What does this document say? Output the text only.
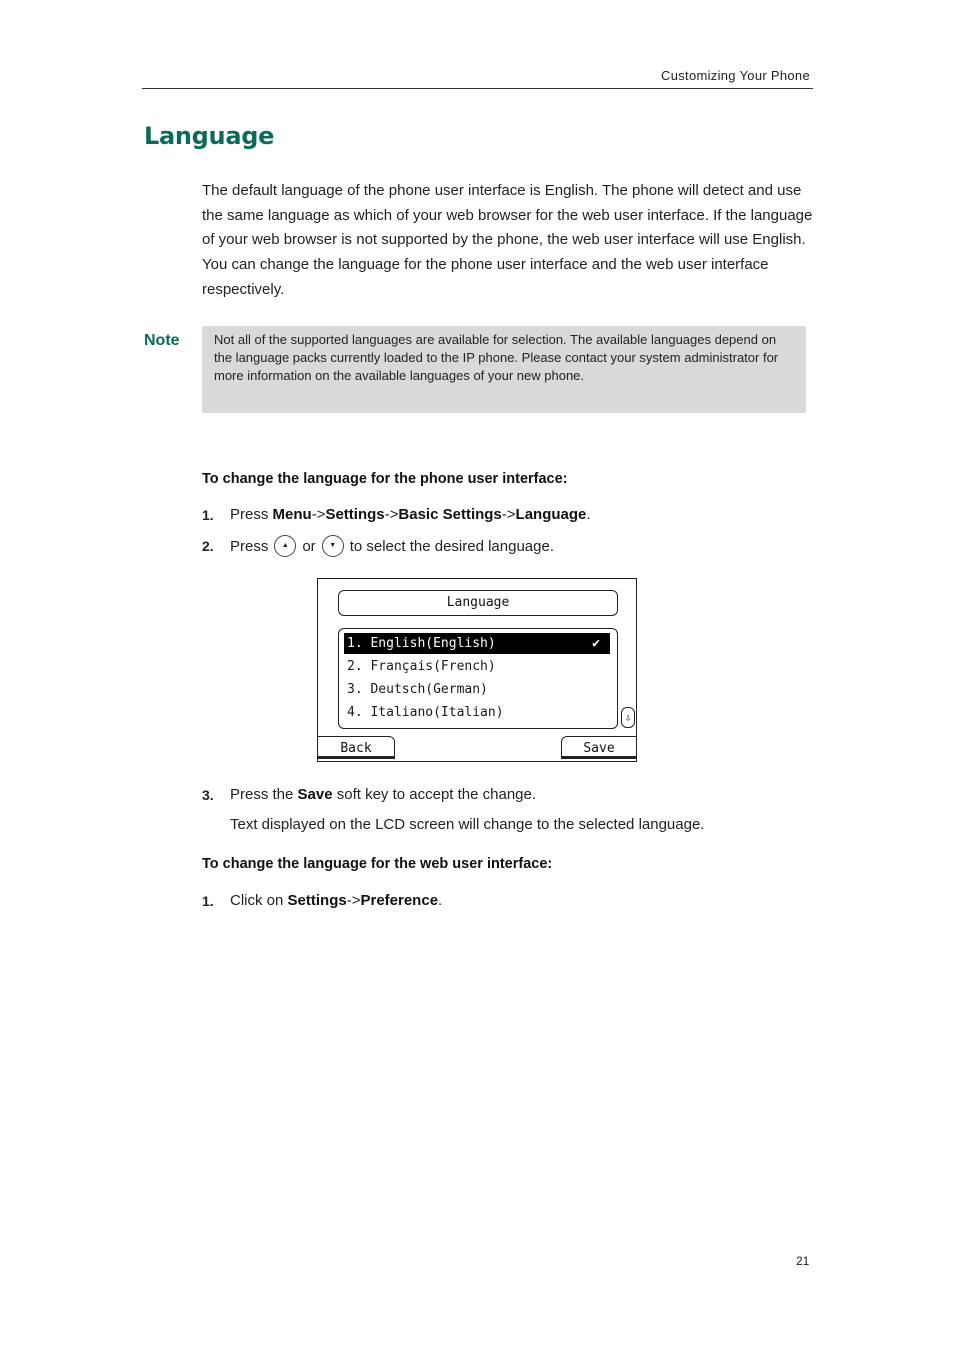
Customizing Your Phone
Language

The default language of the phone user interface is English. The phone will detect and use the same language as which of your web browser for the web user interface. If the language of your web browser is not supported by the phone, the web user interface will use English. You can change the language for the phone user interface and the web user interface respectively.

Note	Not all of the supported languages are available for selection. The available languages depend on the language packs currently loaded to the IP phone. Please contact your system administrator for more information on the available languages of your new phone.
To change the language for the phone user interface:
1.	Press Menu -> Settings -> Basic Settings -> Language .
2.	Press	▲ or	▼ to select the desired language.
Language
1. English(English)	✔
2. Français(French)
3. Deutsch(German)
4. Italiano(Italian)	⇩
Back	Save
3.	Press the Save soft key to accept the change.
Text displayed on the LCD screen will change to the selected language.
To change the language for the web user interface:
1.	Click on Settings -> Preference .
21
